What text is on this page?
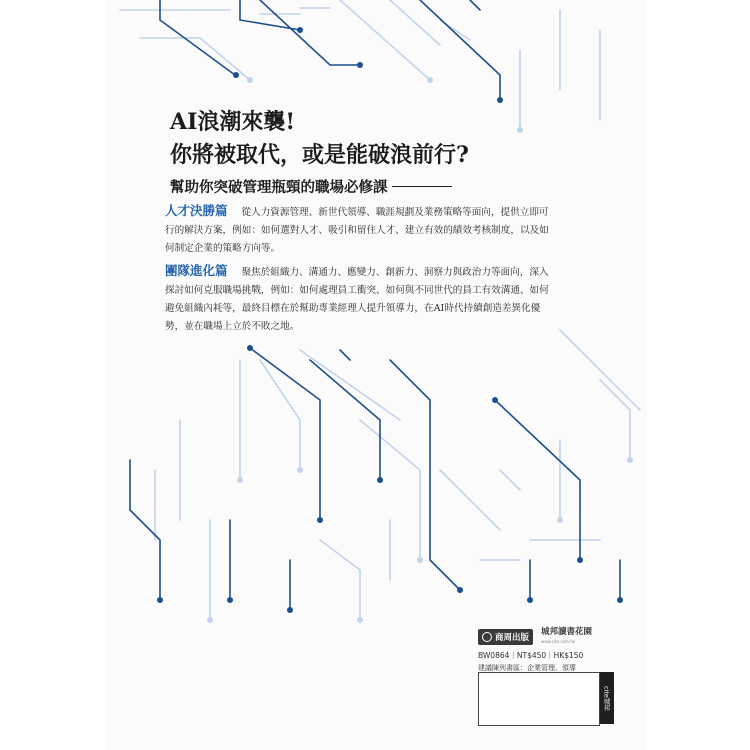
AI浪潮來襲!
你將被取代，或是能破浪前行?
幫助你突破管理瓶頸的職場必修課
人才決勝篇 從人力資源管理、新世代領導、職涯規劃及業務策略等面向，提供立即可行的解決方案，例如：如何選對人才、吸引和留住人才、建立有效的績效考核制度，以及如何制定企業的策略方向等。
團隊進化篇 聚焦於組織力、溝通力、應變力、創新力、洞察力與政治力等面向，深入探討如何克服職場挑戰，例如：如何處理員工衝突、如何與不同世代的員工有效溝通、如何避免組織內耗等，最終目標在於幫助專業經理人提升領導力，在AI時代持續創造差異化優勢，並在職場上立於不敗之地。
商周出版
城邦讀書花園
www.cite.com.tw
BW0864｜NT$450｜HK$150
建議陳列書區：企業管理、領導
cite城邦
